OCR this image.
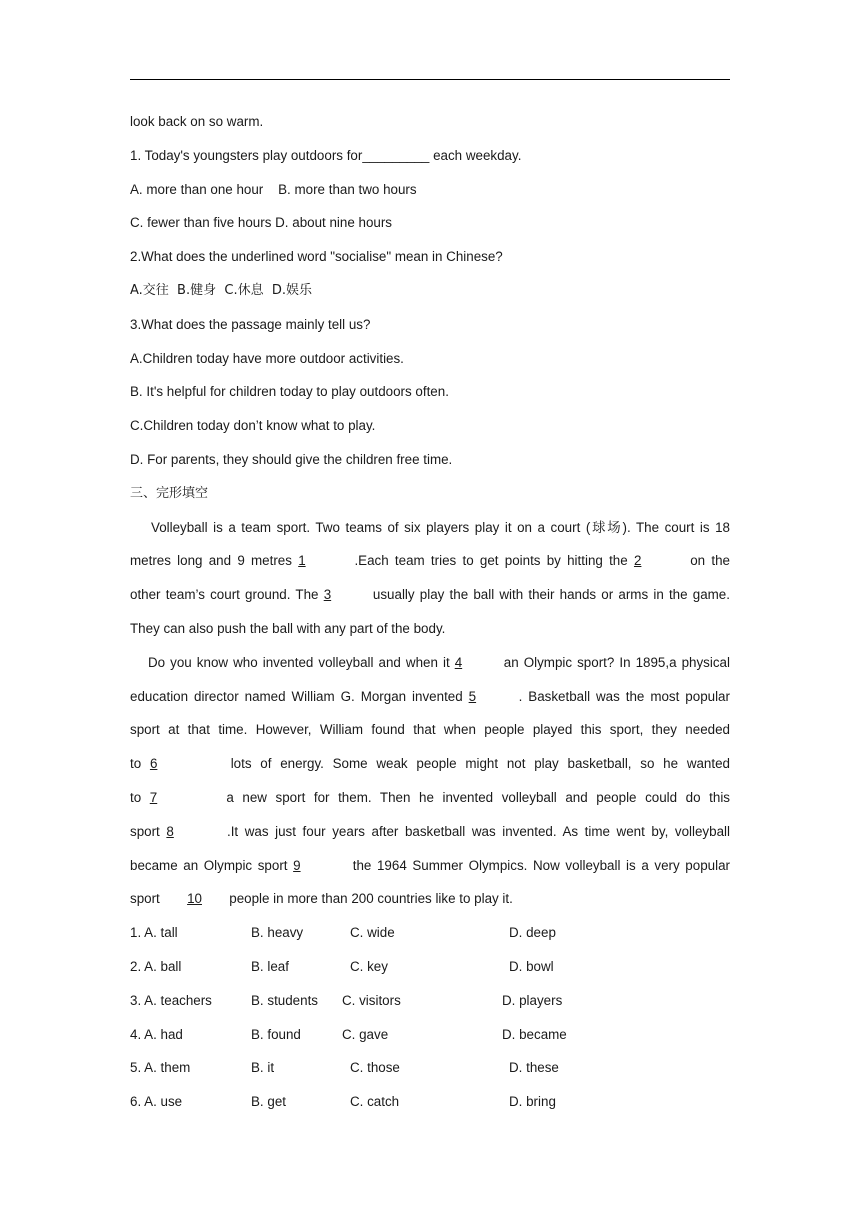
look back on so warm.
1. Today's youngsters play outdoors for_________ each weekday.
A. more than one hour    B. more than two hours
C. fewer than five hours D. about nine hours
2.What does the underlined word "socialise" mean in Chinese?
A.交往  B.健身  C.休息  D.娱乐
3.What does the passage mainly tell us?
A.Children today have more outdoor activities.
B. It's helpful for children today to play outdoors often.
C.Children today don’t know what to play.
D. For parents, they should give the children free time.
三、完形填空
Volleyball is a team sport. Two teams of six players play it on a court (球场). The court is 18
metres long and 9 metres 1	.Each team tries to get points by hitting the 2	on the
other team’s court ground. The 3	usually play the ball with their hands or arms in the game.
They can also push the ball with any part of the body.
Do you know who invented volleyball and when it 4	an Olympic sport? In 1895,a physical
education director named William G. Morgan invented 5	. Basketball was the most popular
sport at that time. However, William found that when people played this sport, they needed
to 6	lots of energy. Some weak people might not play basketball, so he wanted
to 7	a new sport for them. Then he invented volleyball and people could do this
sport 8	.It was just four years after basketball was invented. As time went by, volleyball
became an Olympic sport 9	the 1964 Summer Olympics. Now volleyball is a very popular
sport 10 people in more than 200 countries like to play it.
1. A. tall	B. heavy	C. wide	D. deep
2. A. ball	B. leaf	C. key	D. bowl
3. A. teachers	B. students C. visitors	D. players
4. A. had	B. found	C. gave	D. became
5. A. them	B. it	C. those	D. these
6. A. use	B. get	C. catch	D. bring
